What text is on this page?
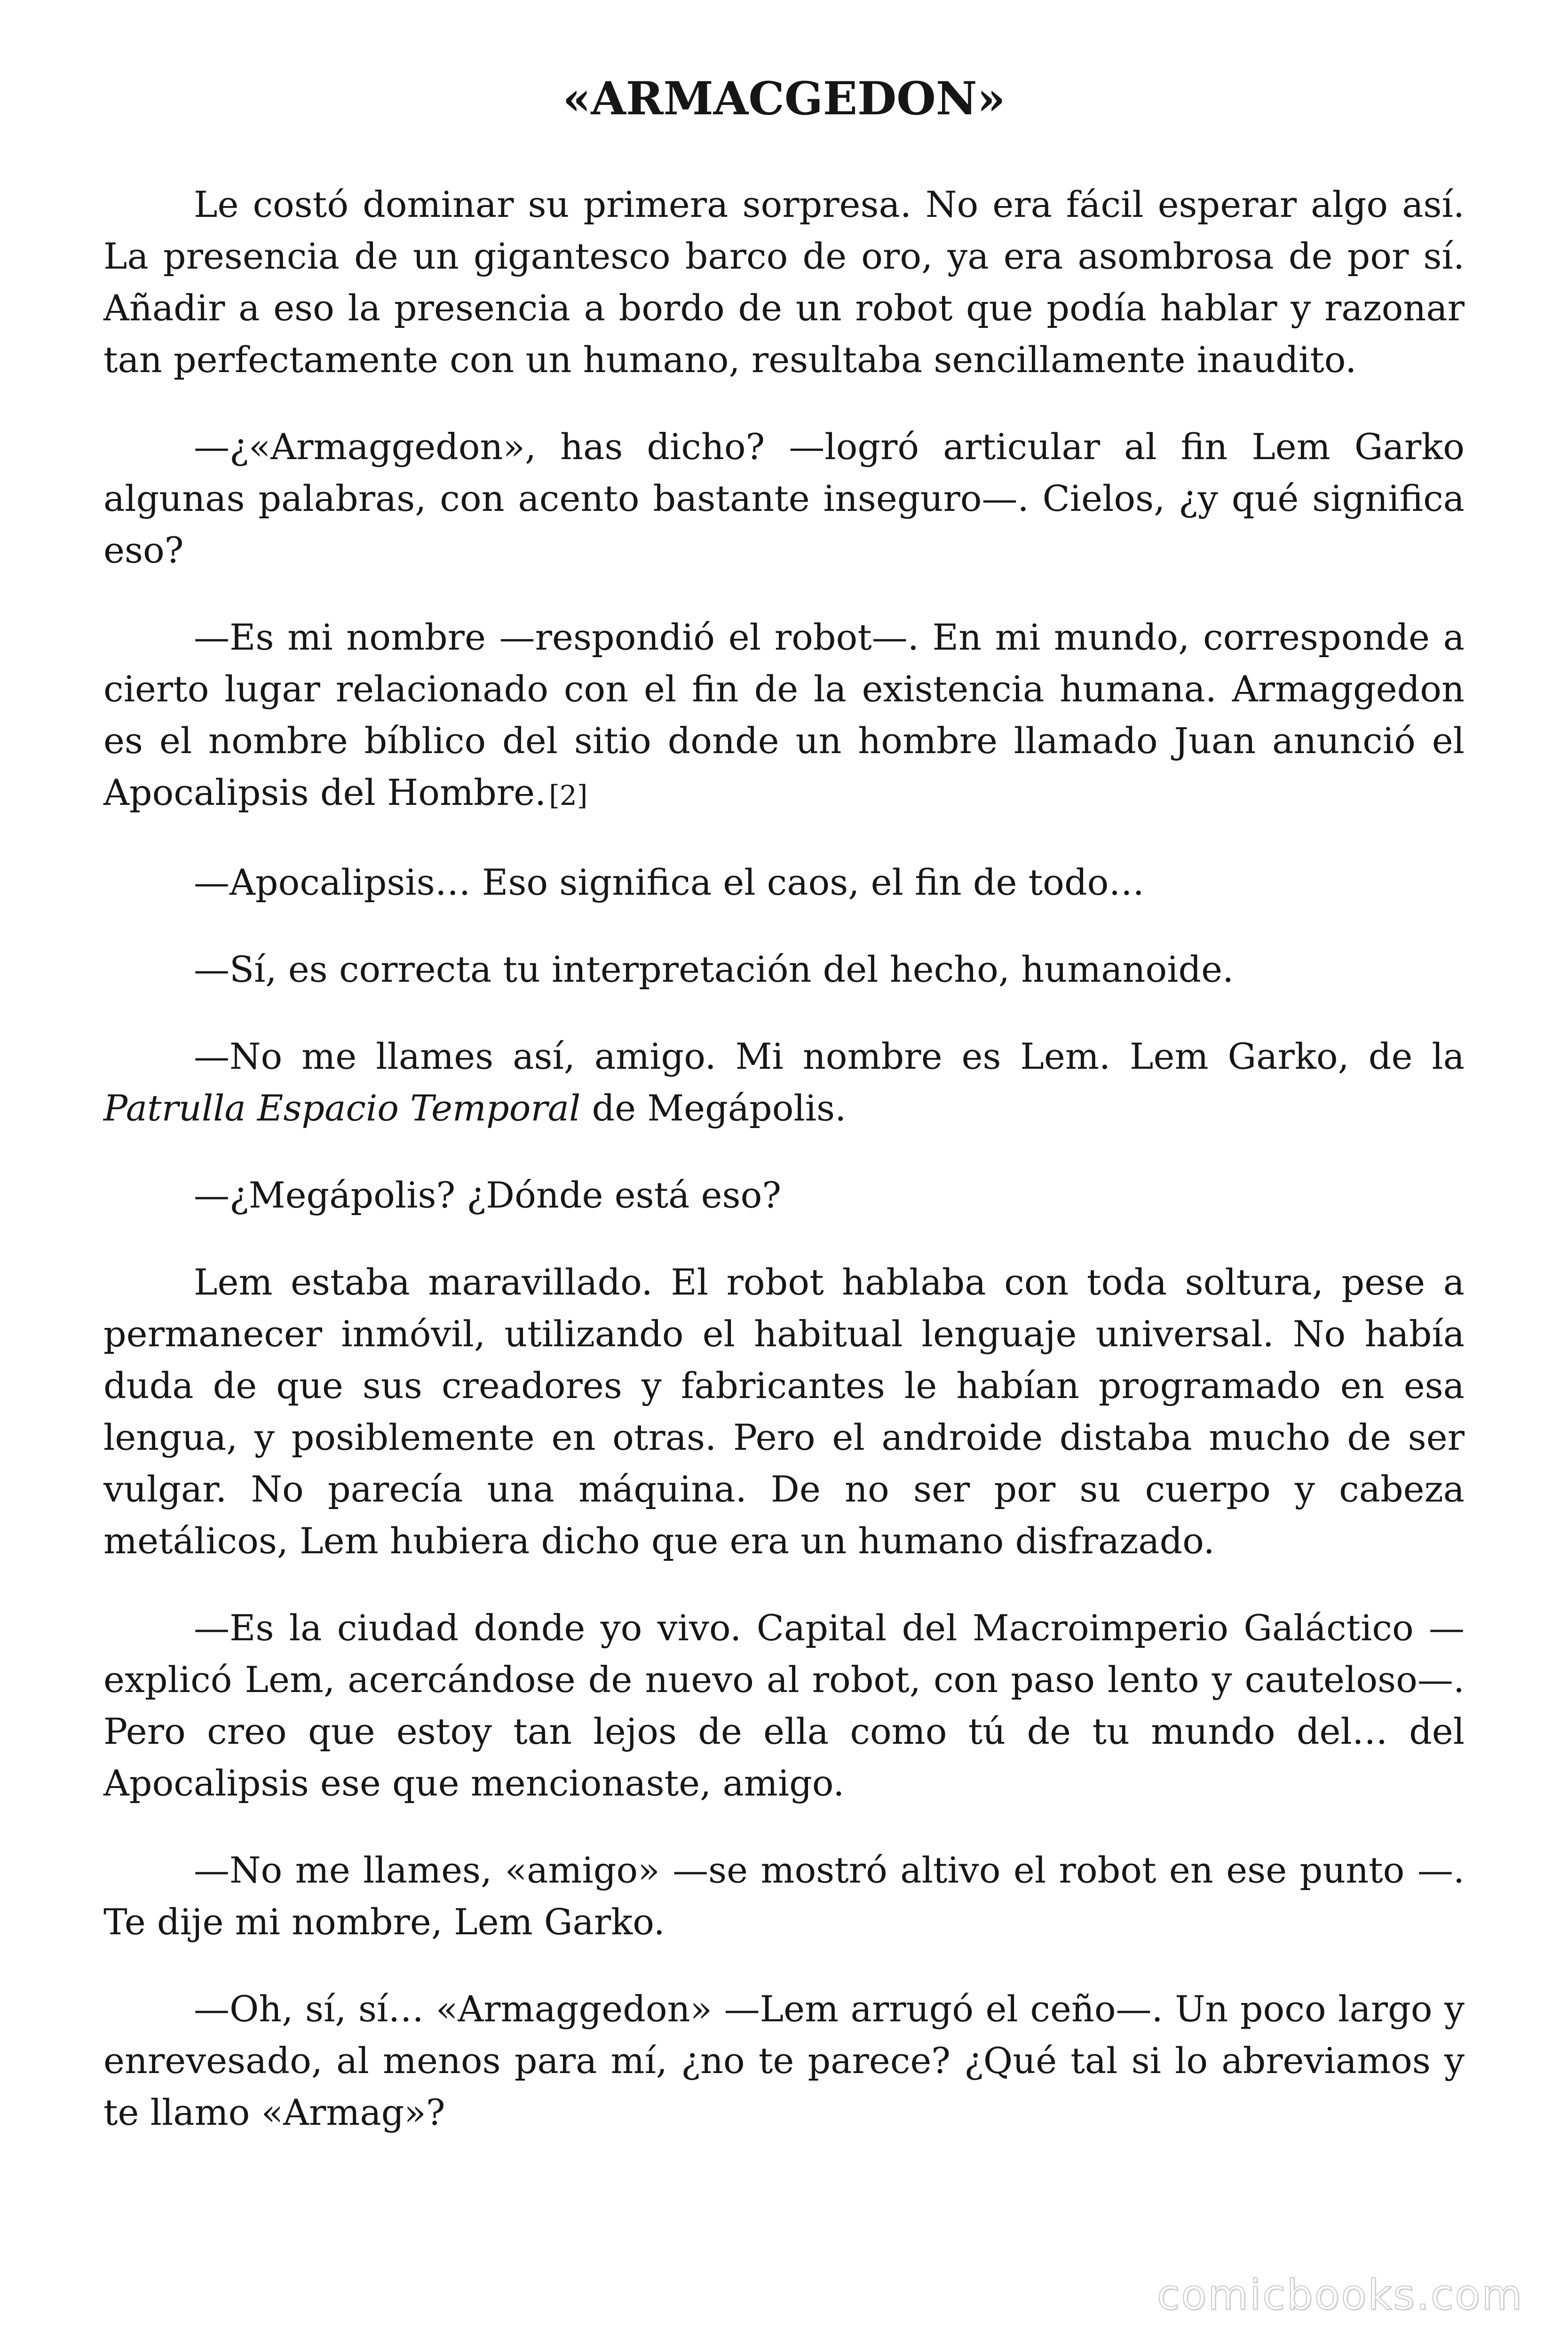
«ARMACGEDON»

Le costó dominar su primera sorpresa. No era fácil esperar algo así. La presencia de un gigantesco barco de oro, ya era asombrosa de por sí. Añadir a eso la presencia a bordo de un robot que podía hablar y razonar tan perfectamente con un humano, resultaba sencillamente inaudito.

—¿«Armaggedon», has dicho? —logró articular al fin Lem Garko algunas palabras, con acento bastante inseguro—. Cielos, ¿y qué significa eso?

—Es mi nombre —respondió el robot—. En mi mundo, corresponde a cierto lugar relacionado con el fin de la existencia humana. Armaggedon es el nombre bíblico del sitio donde un hombre llamado Juan anunció el Apocalipsis del Hombre. [2]

—Apocalipsis… Eso significa el caos, el fin de todo…

—Sí, es correcta tu interpretación del hecho, humanoide.

—No me llames así, amigo. Mi nombre es Lem. Lem Garko, de la Patrulla Espacio Temporal de Megápolis.

—¿Megápolis? ¿Dónde está eso?

Lem estaba maravillado. El robot hablaba con toda soltura, pese a permanecer inmóvil, utilizando el habitual lenguaje universal. No había duda de que sus creadores y fabricantes le habían programado en esa lengua, y posiblemente en otras. Pero el androide distaba mucho de ser vulgar. No parecía una máquina. De no ser por su cuerpo y cabeza metálicos, Lem hubiera dicho que era un humano disfrazado.

—Es la ciudad donde yo vivo. Capital del Macroimperio Galáctico —explicó Lem, acercándose de nuevo al robot, con paso lento y cauteloso—. Pero creo que estoy tan lejos de ella como tú de tu mundo del… del Apocalipsis ese que mencionaste, amigo.

—No me llames, «amigo» —se mostró altivo el robot en ese punto —. Te dije mi nombre, Lem Garko.

—Oh, sí, sí… «Armaggedon» —Lem arrugó el ceño—. Un poco largo y enrevesado, al menos para mí, ¿no te parece? ¿Qué tal si lo abreviamos y te llamo «Armag»?

comicbooks.com
